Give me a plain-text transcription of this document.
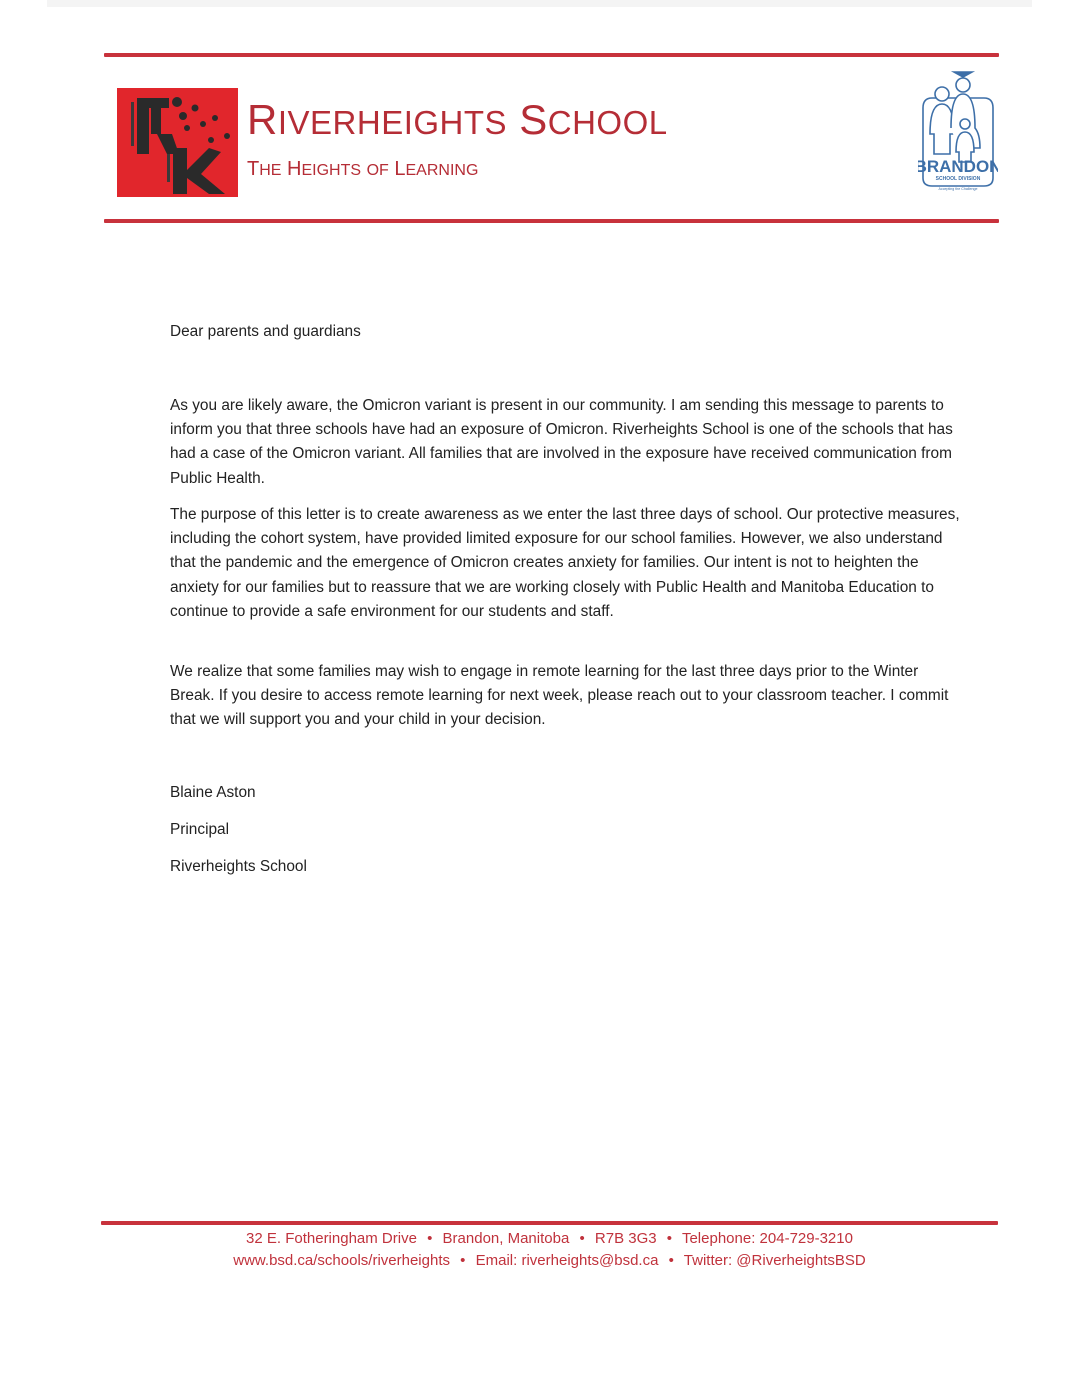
RIVERHEIGHTS SCHOOL
THE HEIGHTS OF LEARNING	BRANDON
SCHOOL DIVISION
Accepting the Challenge
Dear parents and guardians
As you are likely aware, the Omicron variant is present in our community. I am sending this message to parents to inform you that three schools have had an exposure of Omicron. Riverheights School is one of the schools that has had a case of the Omicron variant. All families that are involved in the exposure have received communication from Public Health.
The purpose of this letter is to create awareness as we enter the last three days of school. Our protective measures, including the cohort system, have provided limited exposure for our school families. However, we also understand that the pandemic and the emergence of Omicron creates anxiety for families. Our intent is not to heighten the anxiety for our families but to reassure that we are working closely with Public Health and Manitoba Education to continue to provide a safe environment for our students and staff.
We realize that some families may wish to engage in remote learning for the last three days prior to the Winter Break. If you desire to access remote learning for next week, please reach out to your classroom teacher. I commit that we will support you and your child in your decision.
Blaine Aston
Principal
Riverheights School
32 E. Fotheringham Drive • Brandon, Manitoba • R7B 3G3 • Telephone: 204-729-3210
www.bsd.ca/schools/riverheights • Email: riverheights@bsd.ca • Twitter: @RiverheightsBSD
